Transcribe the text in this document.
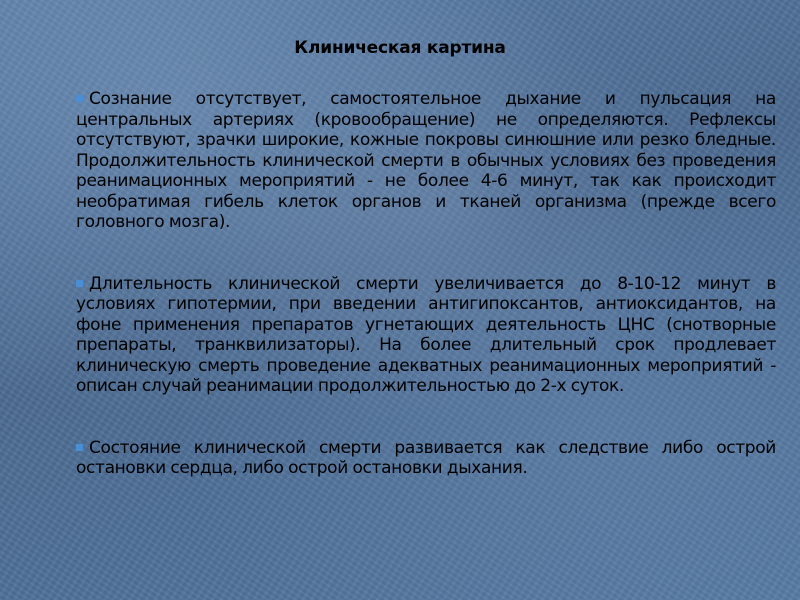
Клиническая картина

Сознание отсутствует, самостоятельное дыхание и пульсация на центральных артериях (кровообращение) не определяются. Рефлексы отсутствуют, зрачки широкие, кожные покровы синюшние или резко бледные. Продолжительность клинической смерти в обычных условиях без проведения реанимационных мероприятий - не более 4-6 минут, так как происходит необратимая гибель клеток органов и тканей организма (прежде всего головного мозга).

Длительность клинической смерти увеличивается до 8-10-12 минут в условиях гипотермии, при введении антигипоксантов, антиоксидантов, на фоне применения препаратов угнетающих деятельность ЦНС (снотворные препараты, транквилизаторы). На более длительный срок продлевает клиническую смерть проведение адекватных реанимационных мероприятий - описан случай реанимации продолжительностью до 2-х суток.

Состояние клинической смерти развивается как следствие либо острой остановки сердца, либо острой остановки дыхания.
